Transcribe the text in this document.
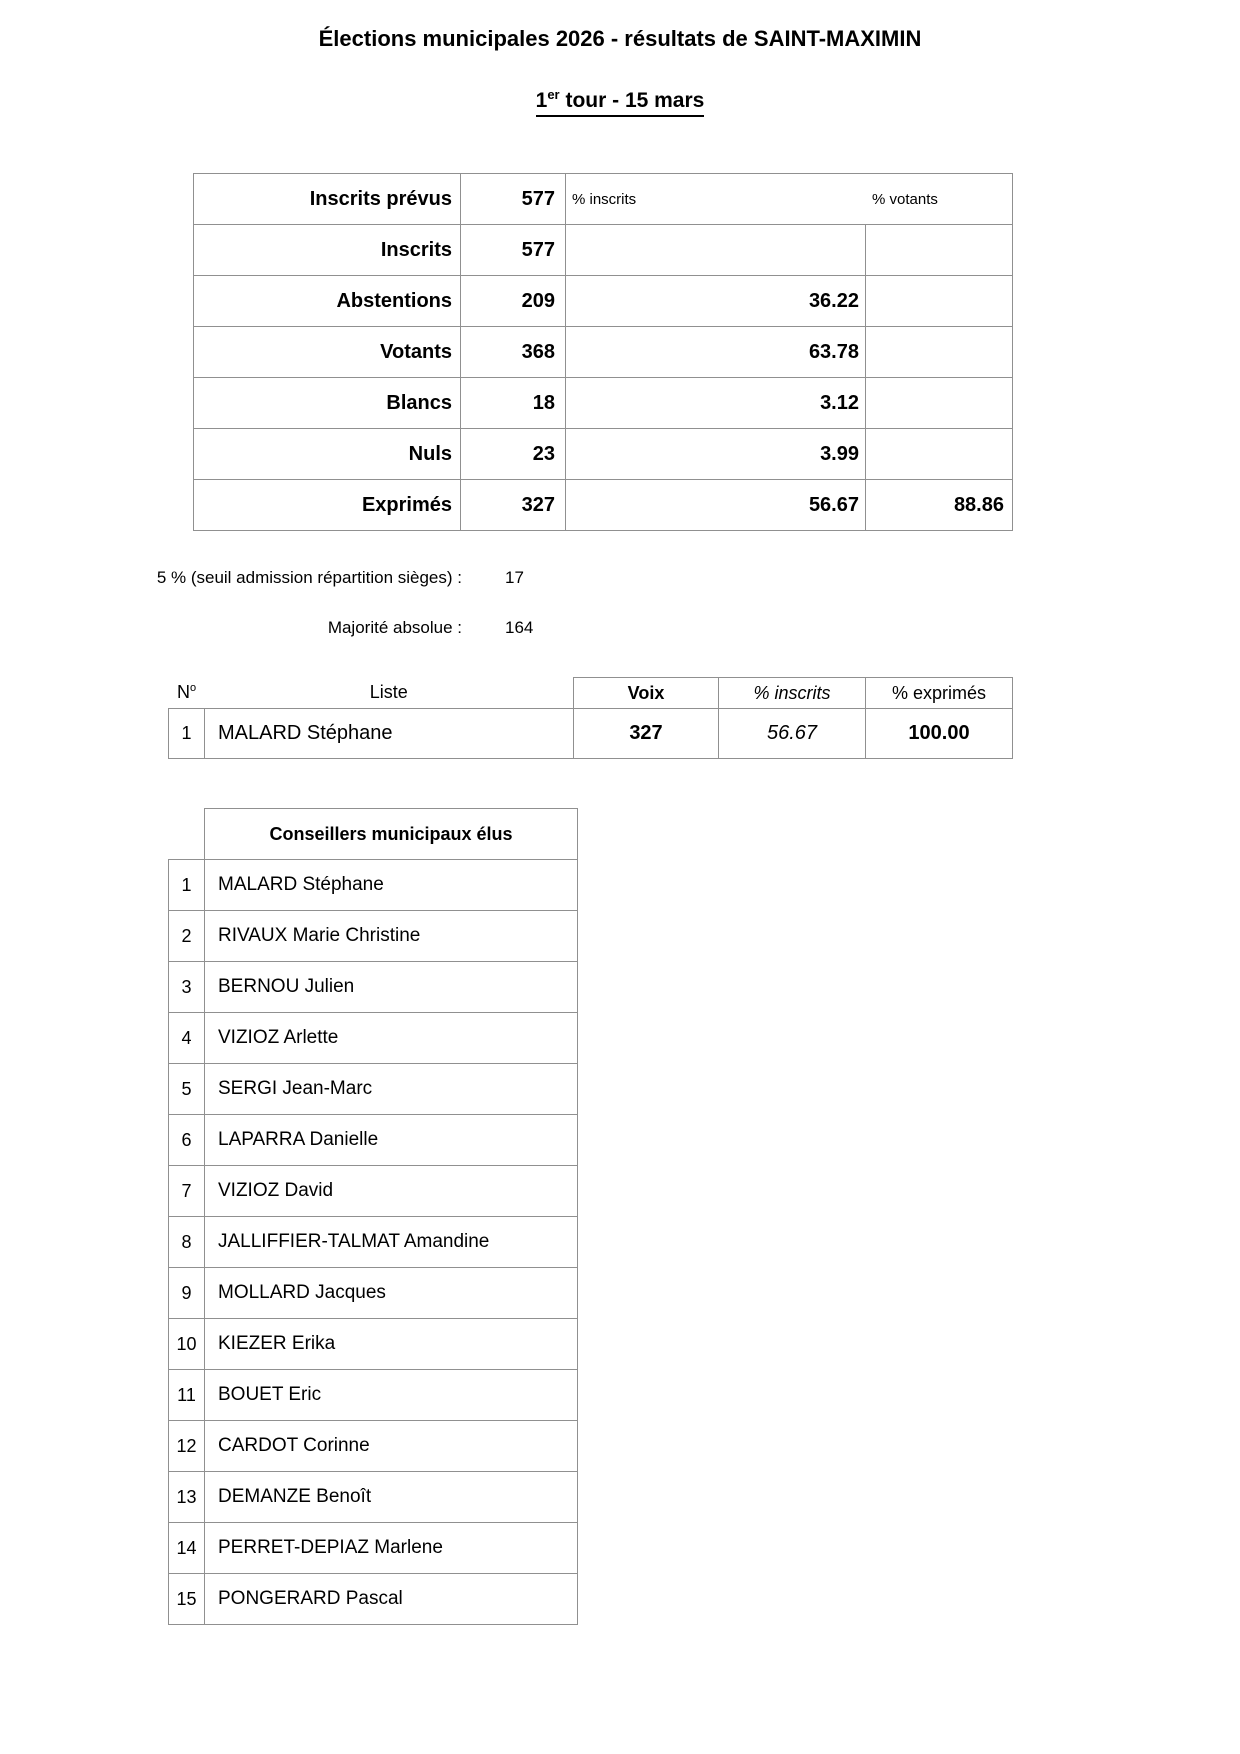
Élections municipales 2026 - résultats de SAINT-MAXIMIN
1er tour - 15 mars
Inscrits prévus	577	% inscrits % votants	

Inscrits	577		
Abstentions	209	36.22	
Votants	368	63.78	
Blancs	18	3.12	
Nuls	23	3.99	
Exprimés	327	56.67	88.86
5 % (seuil admission répartition sièges) :	17
Majorité absolue :	164
$N^o$	Liste	Voix	% inscrits	% exprimés
1	MALARD Stéphane	327	56.67	100.00
	Conseillers municipaux élus
1	MALARD Stéphane
2	RIVAUX Marie Christine
3	BERNOU Julien
4	VIZIOZ Arlette
5	SERGI Jean-Marc
6	LAPARRA Danielle
7	VIZIOZ David
8	JALLIFFIER-TALMAT Amandine
9	MOLLARD Jacques
10	KIEZER Erika
11	BOUET Eric
12	CARDOT Corinne
13	DEMANZE Benoît
14	PERRET-DEPIAZ Marlene
15	PONGERARD Pascal
